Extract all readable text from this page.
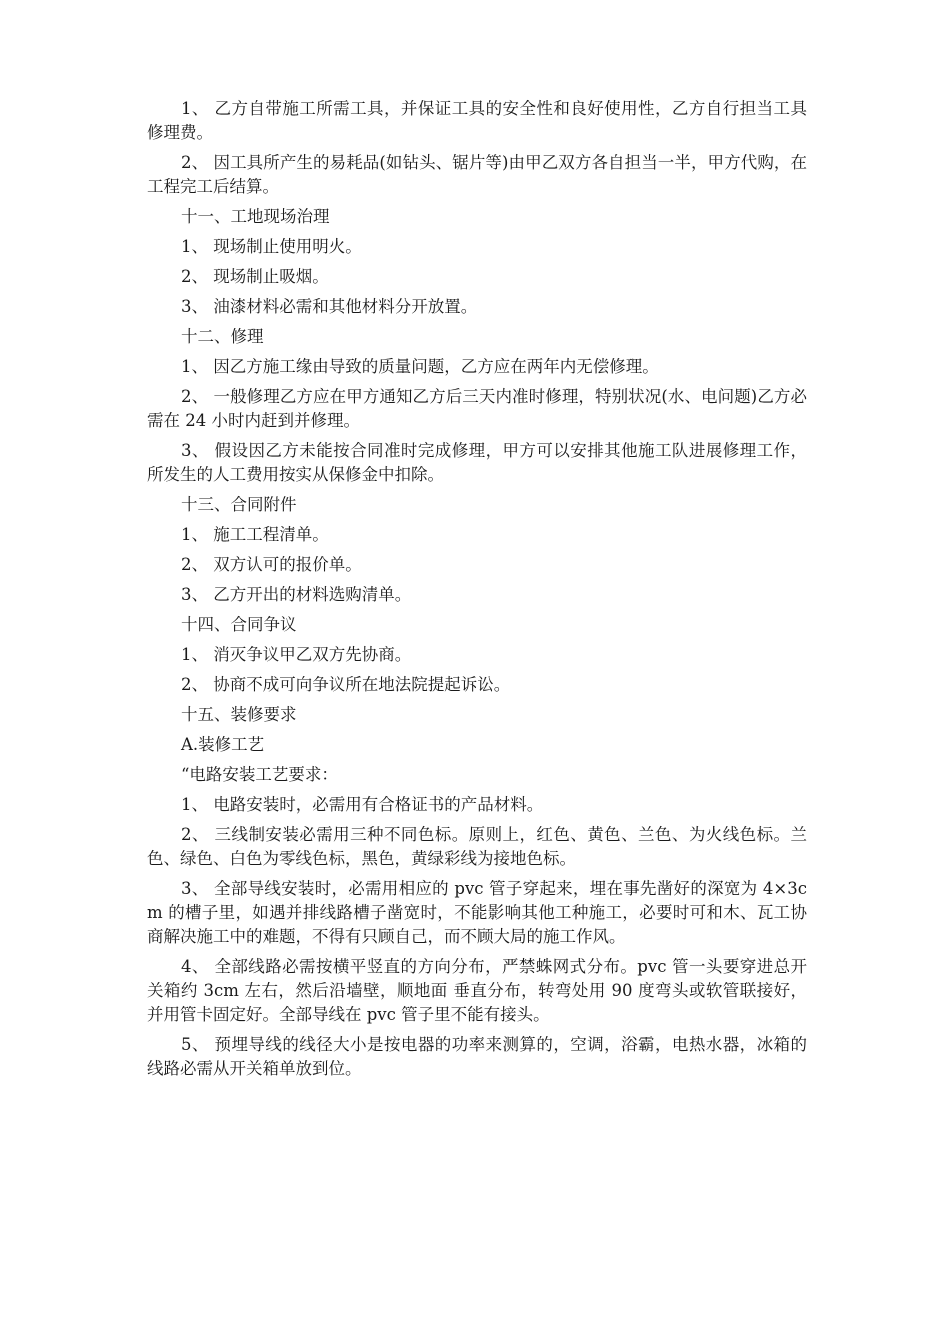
1、 乙方自带施工所需工具，并保证工具的安全性和良好使用性，乙方自行担当工具修理费。

2、 因工具所产生的易耗品(如钻头、锯片等)由甲乙双方各自担当一半，甲方代购，在工程完工后结算。

十一、工地现场治理

1、 现场制止使用明火。

2、 现场制止吸烟。

3、 油漆材料必需和其他材料分开放置。

十二、修理

1、 因乙方施工缘由导致的质量问题，乙方应在两年内无偿修理。

2、 一般修理乙方应在甲方通知乙方后三天内准时修理，特别状况(水、电问题)乙方必需在 24 小时内赶到并修理。

3、 假设因乙方未能按合同准时完成修理，甲方可以安排其他施工队进展修理工作，所发生的人工费用按实从保修金中扣除。

十三、合同附件

1、 施工工程清单。

2、 双方认可的报价单。

3、 乙方开出的材料选购清单。

十四、合同争议

1、 消灭争议甲乙双方先协商。

2、 协商不成可向争议所在地法院提起诉讼。

十五、装修要求

A.装修工艺

“电路安装工艺要求：

1、 电路安装时，必需用有合格证书的产品材料。

2、 三线制安装必需用三种不同色标。原则上，红色、黄色、兰色、为火线色标。兰色、绿色、白色为零线色标，黑色，黄绿彩线为接地色标。

3、 全部导线安装时，必需用相应的 pvc 管子穿起来，埋在事先凿好的深宽为 4×3cm 的槽子里，如遇并排线路槽子凿宽时，不能影响其他工种施工，必要时可和木、瓦工协商解决施工中的难题，不得有只顾自己，而不顾大局的施工作风。

4、 全部线路必需按横平竖直的方向分布，严禁蛛网式分布。pvc 管一头要穿进总开关箱约 3cm 左右，然后沿墙壁，顺地面 垂直分布，转弯处用 90 度弯头或软管联接好，并用管卡固定好。全部导线在 pvc 管子里不能有接头。

5、 预埋导线的线径大小是按电器的功率来测算的，空调，浴霸，电热水器，冰箱的线路必需从开关箱单放到位。
